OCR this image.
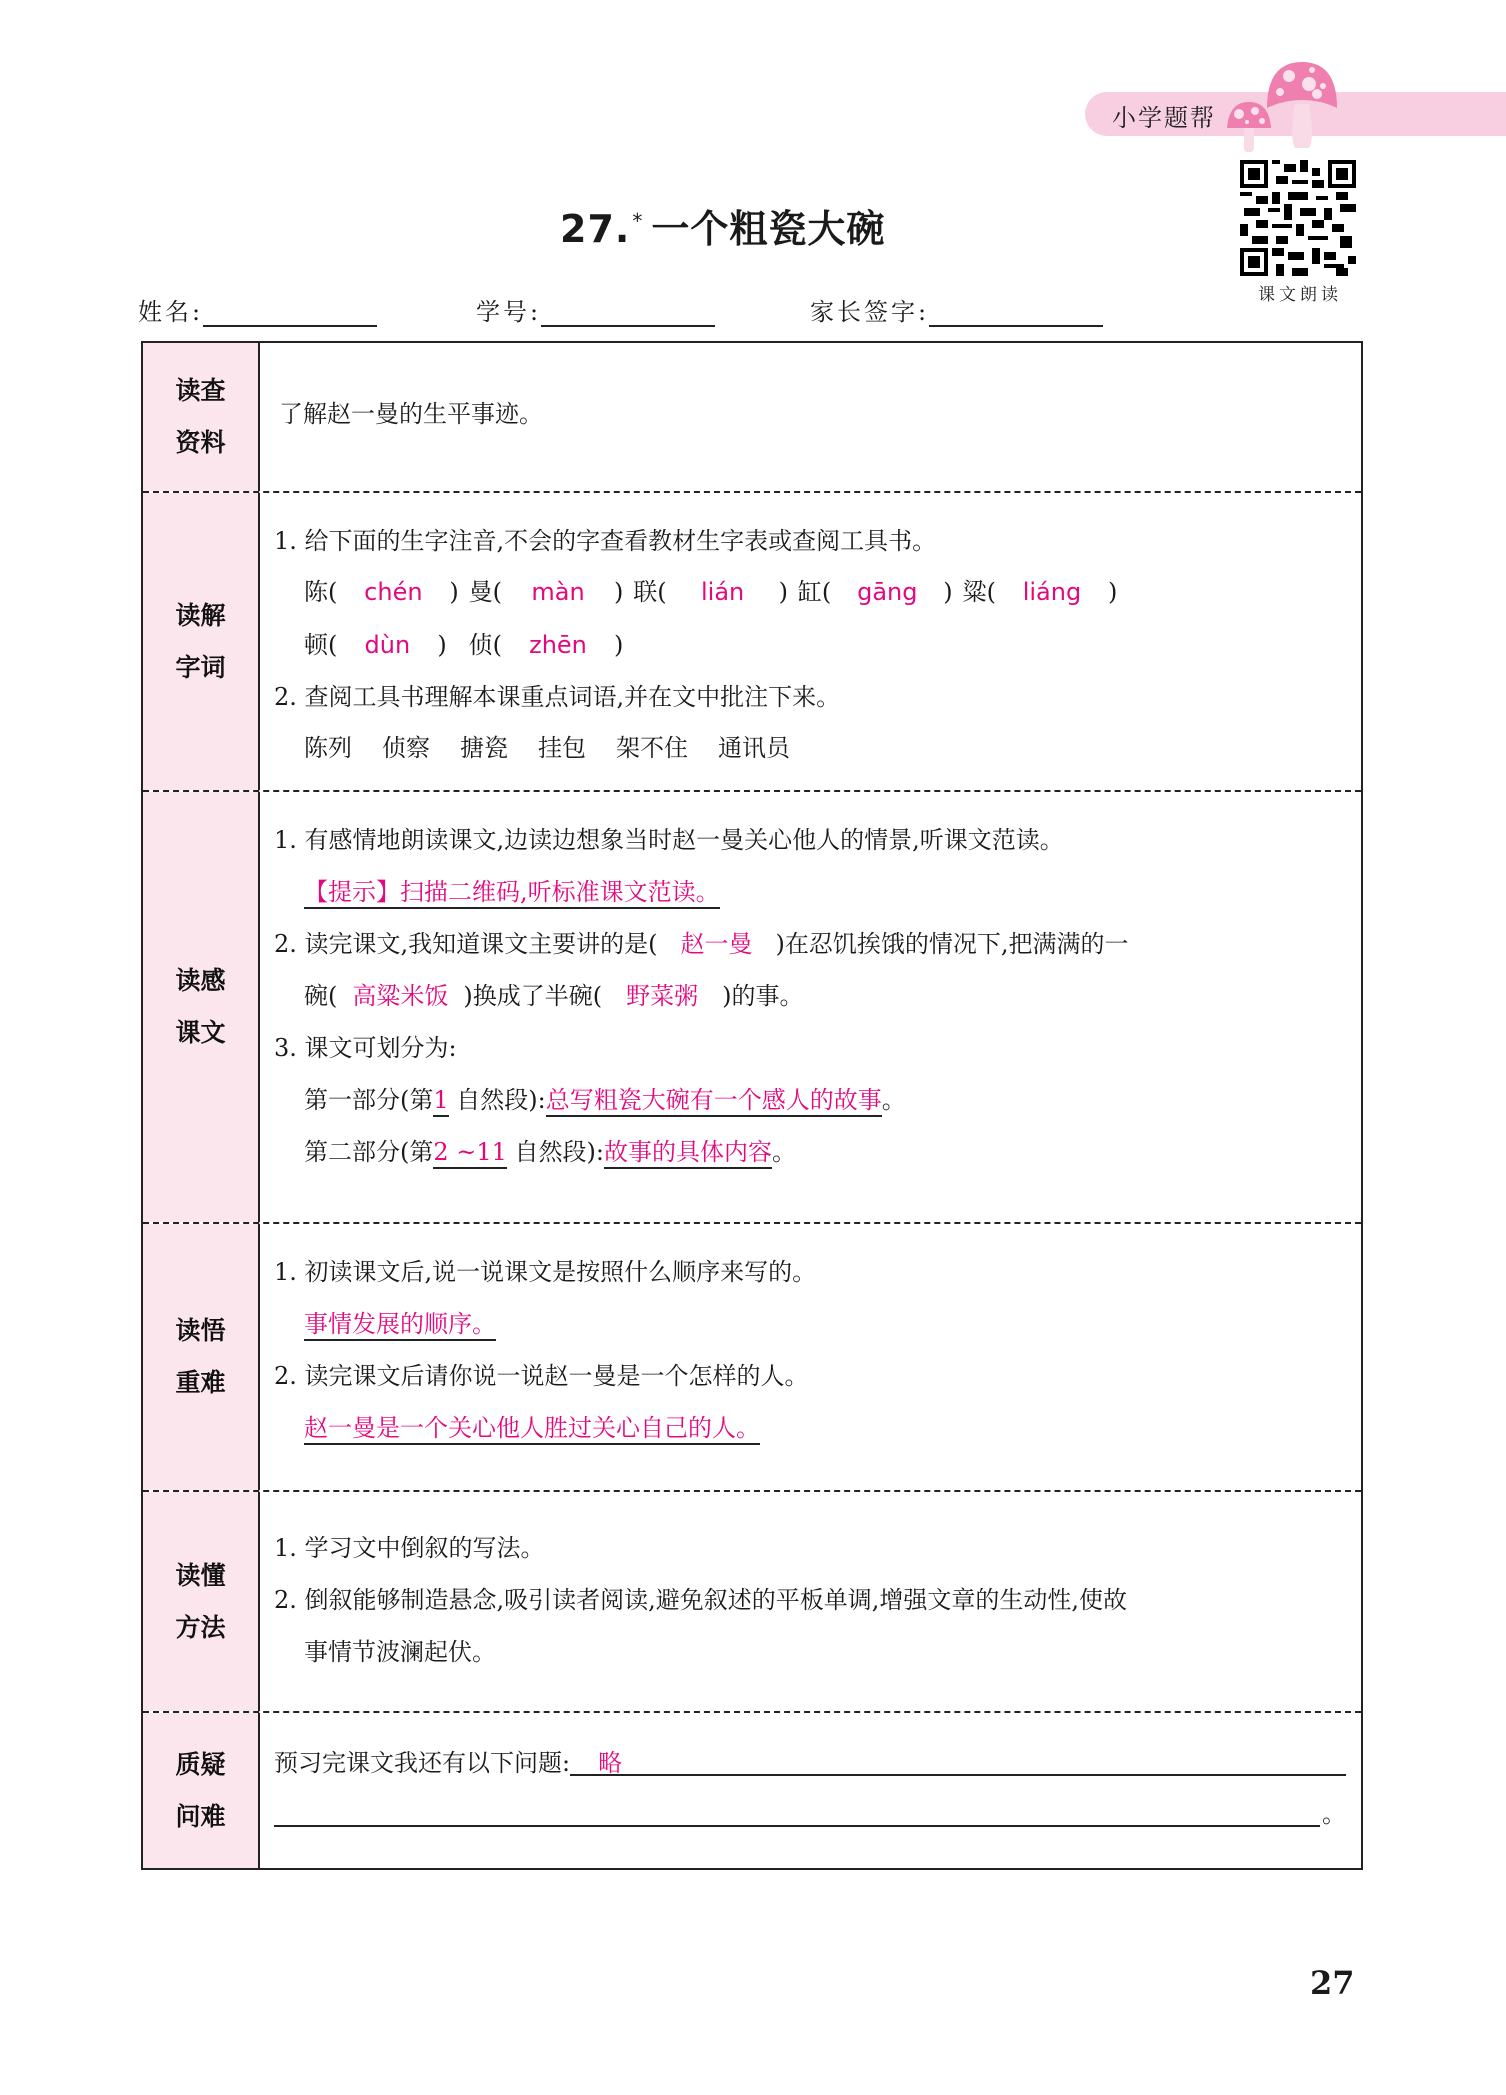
小学题帮
课文朗读
27. * 一个粗瓷大碗
姓名:	学号:	家长签字:
读查
资料
了解赵一曼的生平事迹。
读解
字词
1. 给下面的生字注音,不会的字查看教材生字表或查阅工具书。
陈( chén ) 曼( màn ) 联( lián ) 缸( gāng ) 粱( liáng )
顿( dùn ) 侦( zhēn )
2. 查阅工具书理解本课重点词语,并在文中批注下来。
陈列 侦察 搪瓷 挂包 架不住 通讯员
读感
课文
1. 有感情地朗读课文,边读边想象当时赵一曼关心他人的情景,听课文范读。
【提示】扫描二维码,听标准课文范读。
2. 读完课文,我知道课文主要讲的是( 赵一曼 )在忍饥挨饿的情况下,把满满的一
碗( 高粱米饭 )换成了半碗( 野菜粥 )的事。
3. 课文可划分为:
第一部分(第1 自然段):总写粗瓷大碗有一个感人的故事。
第二部分(第2 ~11 自然段):故事的具体内容。
读悟
重难
1. 初读课文后,说一说课文是按照什么顺序来写的。
事情发展的顺序。
2. 读完课文后请你说一说赵一曼是一个怎样的人。
赵一曼是一个关心他人胜过关心自己的人。
读懂
方法
1. 学习文中倒叙的写法。
2. 倒叙能够制造悬念,吸引读者阅读,避免叙述的平板单调,增强文章的生动性,使故
事情节波澜起伏。
质疑
问难
预习完课文我还有以下问题:	略
。
27
